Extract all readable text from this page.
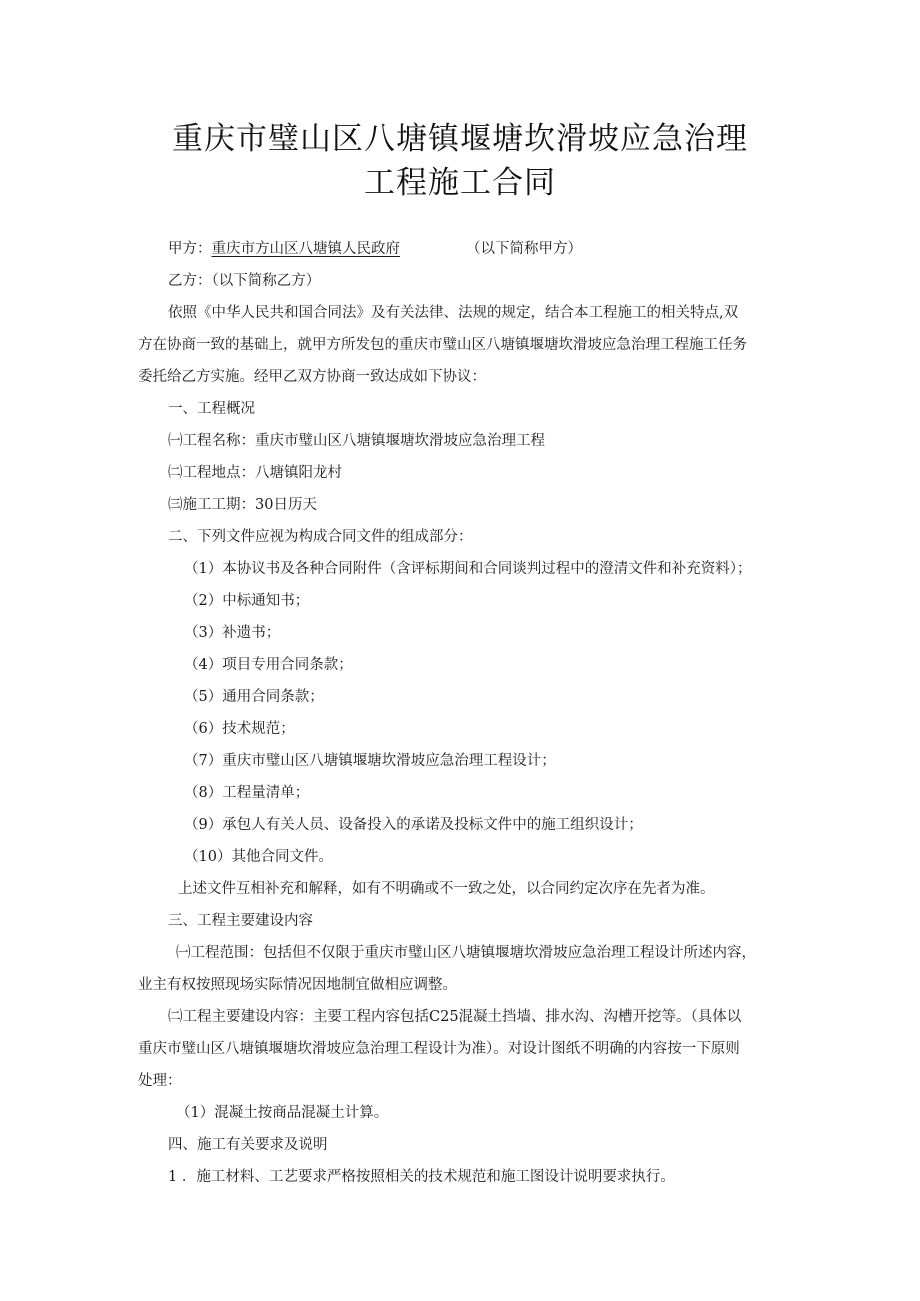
重庆市璧山区八塘镇堰塘坎滑坡应急治理
工程施工合同
甲方：重庆市方山区八塘镇人民政府	（以下简称甲方）
乙方：（以下简称乙方）
依照《中华人民共和国合同法》及有关法律、法规的规定，结合本工程施工的相关特点,双
方在协商一致的基础上，就甲方所发包的重庆市璧山区八塘镇堰塘坎滑坡应急治理工程施工任务
委托给乙方实施。经甲乙双方协商一致达成如下协议：
一、工程概况
㈠工程名称：重庆市璧山区八塘镇堰塘坎滑坡应急治理工程
㈡工程地点：八塘镇阳龙村
㈢施工工期：30日历天
二、下列文件应视为构成合同文件的组成部分：
（1）本协议书及各种合同附件（含评标期间和合同谈判过程中的澄清文件和补充资料）；
（2）中标通知书；
（3）补遗书；
（4）项目专用合同条款；
（5）通用合同条款；
（6）技术规范；
（7）重庆市璧山区八塘镇堰塘坎滑坡应急治理工程设计；
（8）工程量清单；
（9）承包人有关人员、设备投入的承诺及投标文件中的施工组织设计；
（10）其他合同文件。
上述文件互相补充和解释，如有不明确或不一致之处，以合同约定次序在先者为准。
三、工程主要建设内容
㈠工程范围：包括但不仅限于重庆市璧山区八塘镇堰塘坎滑坡应急治理工程设计所述内容，
业主有权按照现场实际情况因地制宜做相应调整。
㈡工程主要建设内容：主要工程内容包括C25混凝土挡墙、排水沟、沟槽开挖等。（具体以
重庆市璧山区八塘镇堰塘坎滑坡应急治理工程设计为准）。对设计图纸不明确的内容按一下原则
处理：
（1）混凝土按商品混凝土计算。
四、施工有关要求及说明
1 ．施工材料、工艺要求严格按照相关的技术规范和施工图设计说明要求执行。
